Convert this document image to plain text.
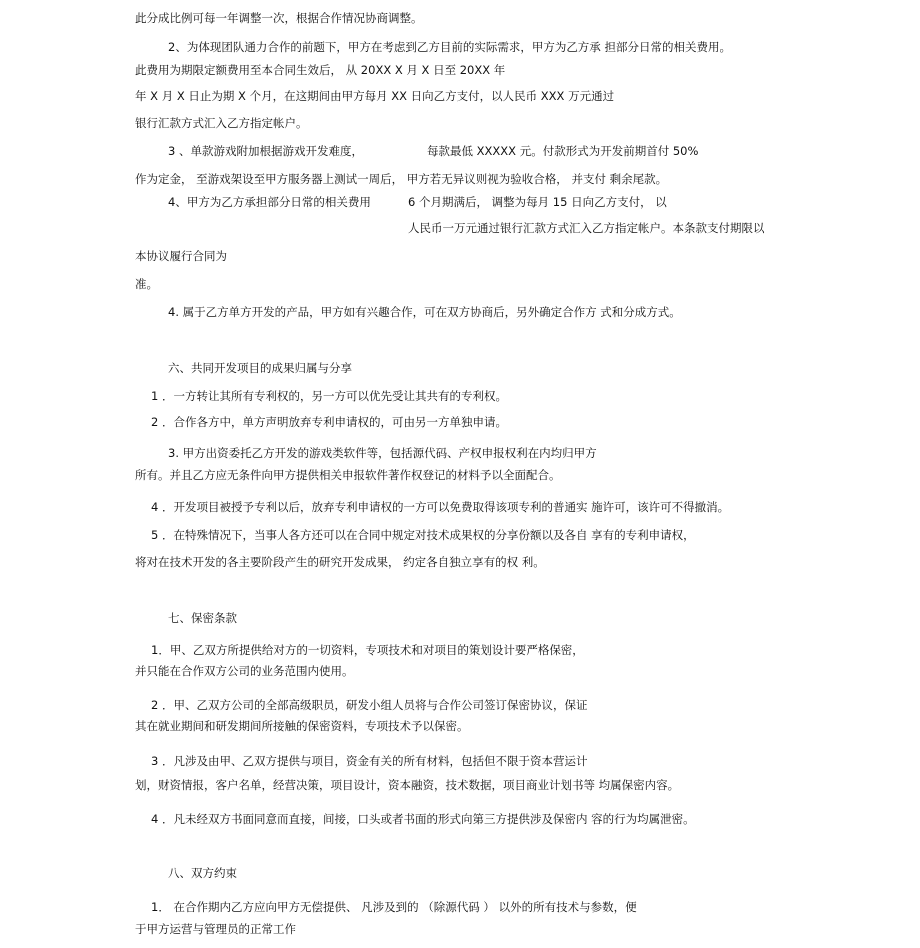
此分成比例可每一年调整一次，根据合作情况协商调整。
2、为体现团队通力合作的前题下，甲方在考虑到乙方目前的实际需求，甲方为乙方承 担部分日常的相关费用。
此费用为期限定额费用至本合同生效后， 从 20XX X 月 X 日至 20XX 年
年 X 月 X 日止为期 X 个月，在这期间由甲方每月 XX 日向乙方支付，以人民币 XXX 万元通过
银行汇款方式汇入乙方指定帐户。
3 、单款游戏附加根据游戏开发难度，	每款最低 XXXXX 元。付款形式为开发前期首付 50%
作为定金， 至游戏架设至甲方服务器上测试一周后， 甲方若无异议则视为验收合格， 并支付 剩余尾款。
4、甲方为乙方承担部分日常的相关费用	6 个月期满后， 调整为每月 15 日向乙方支付， 以
人民币一万元通过银行汇款方式汇入乙方指定帐户。本条款支付期限以
本协议履行合同为
准。
4. 属于乙方单方开发的产品，甲方如有兴趣合作，可在双方协商后，另外确定合作方 式和分成方式。
六、共同开发项目的成果归属与分享
1 ．一方转让其所有专利权的，另一方可以优先受让其共有的专利权。
2 ．合作各方中，单方声明放弃专利申请权的，可由另一方单独申请。
3. 甲方出资委托乙方开发的游戏类软件等，包括源代码、产权申报权利在内均归甲方
所有。并且乙方应无条件向甲方提供相关申报软件著作权登记的材料予以全面配合。
4 ．开发项目被授予专利以后，放弃专利申请权的一方可以免费取得该项专利的普通实 施许可，该许可不得撤消。
5 ．在特殊情况下，当事人各方还可以在合同中规定对技术成果权的分享份额以及各自 享有的专利申请权，
将对在技术开发的各主要阶段产生的研究开发成果， 约定各自独立享有的权 利。
七、保密条款
1．甲、乙双方所提供给对方的一切资料，专项技术和对项目的策划设计要严格保密，
并只能在合作双方公司的业务范围内使用。
2 ．甲、乙双方公司的全部高级职员，研发小组人员将与合作公司签订保密协议，保证
其在就业期间和研发期间所接触的保密资料，专项技术予以保密。
3 ．凡涉及由甲、乙双方提供与项目，资金有关的所有材料，包括但不限于资本营运计
划，财资情报，客户名单，经营决策，项目设计，资本融资，技术数据，项目商业计划书等 均属保密内容。
4 ．凡未经双方书面同意而直接，间接，口头或者书面的形式向第三方提供涉及保密内 容的行为均属泄密。
八、双方约束
1． 在合作期内乙方应向甲方无偿提供、 凡涉及到的 （除源代码 ） 以外的所有技术与参数，便
于甲方运营与管理员的正常工作
